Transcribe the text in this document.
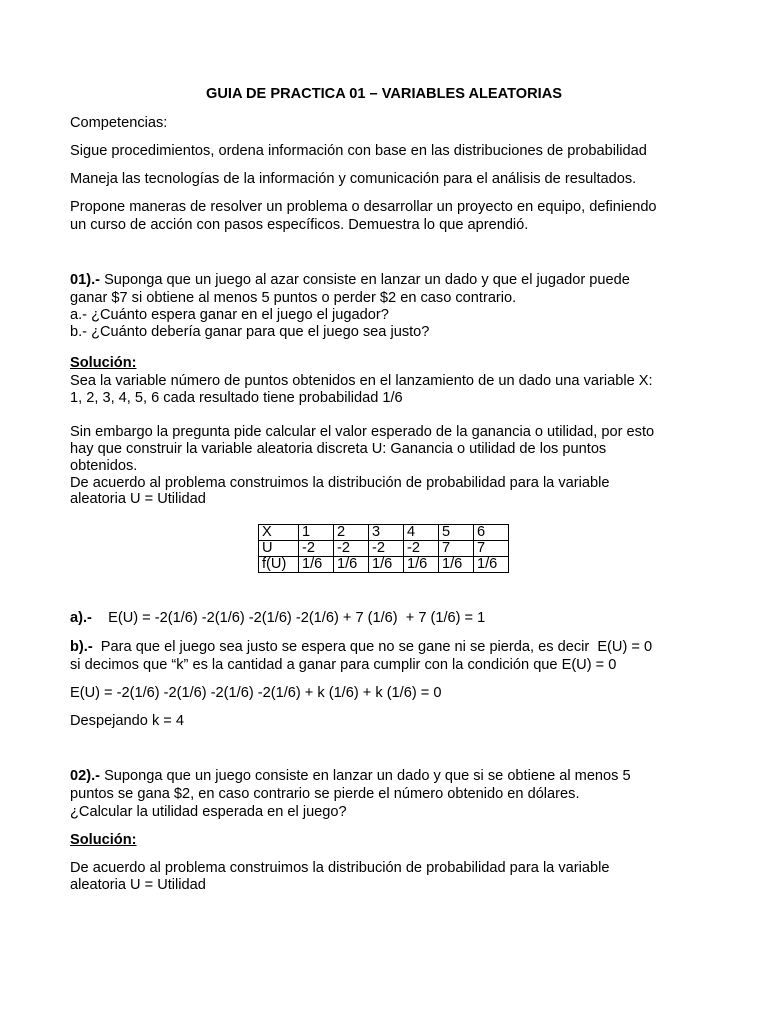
GUIA DE PRACTICA 01 – VARIABLES ALEATORIAS
Competencias:
Sigue procedimientos, ordena información con base en las distribuciones de probabilidad
Maneja las tecnologías de la información y comunicación para el análisis de resultados.
Propone maneras de resolver un problema o desarrollar un proyecto en equipo, definiendo
un curso de acción con pasos específicos. Demuestra lo que aprendió.
01).- Suponga que un juego al azar consiste en lanzar un dado y que el jugador puede
ganar $7 si obtiene al menos 5 puntos o perder $2 en caso contrario.
a.- ¿Cuánto espera ganar en el juego el jugador?
b.- ¿Cuánto debería ganar para que el juego sea justo?
Solución:
Sea la variable número de puntos obtenidos en el lanzamiento de un dado una variable X:
1, 2, 3, 4, 5, 6 cada resultado tiene probabilidad 1/6
Sin embargo la pregunta pide calcular el valor esperado de la ganancia o utilidad, por esto
hay que construir la variable aleatoria discreta U: Ganancia o utilidad de los puntos
obtenidos.
De acuerdo al problema construimos la distribución de probabilidad para la variable
aleatoria U = Utilidad
X	1	2	3	4	5	6
U	-2	-2	-2	-2	7	7
f(U)	1/6	1/6	1/6	1/6	1/6	1/6
a).-    E(U) = -2(1/6) -2(1/6) -2(1/6) -2(1/6) + 7 (1/6)  + 7 (1/6) = 1
b).-  Para que el juego sea justo se espera que no se gane ni se pierda, es decir  E(U) = 0
si decimos que “k” es la cantidad a ganar para cumplir con la condición que E(U) = 0
E(U) = -2(1/6) -2(1/6) -2(1/6) -2(1/6) + k (1/6) + k (1/6) = 0
Despejando k = 4
02).- Suponga que un juego consiste en lanzar un dado y que si se obtiene al menos 5
puntos se gana $2, en caso contrario se pierde el número obtenido en dólares.
¿Calcular la utilidad esperada en el juego?
Solución:
De acuerdo al problema construimos la distribución de probabilidad para la variable
aleatoria U = Utilidad
